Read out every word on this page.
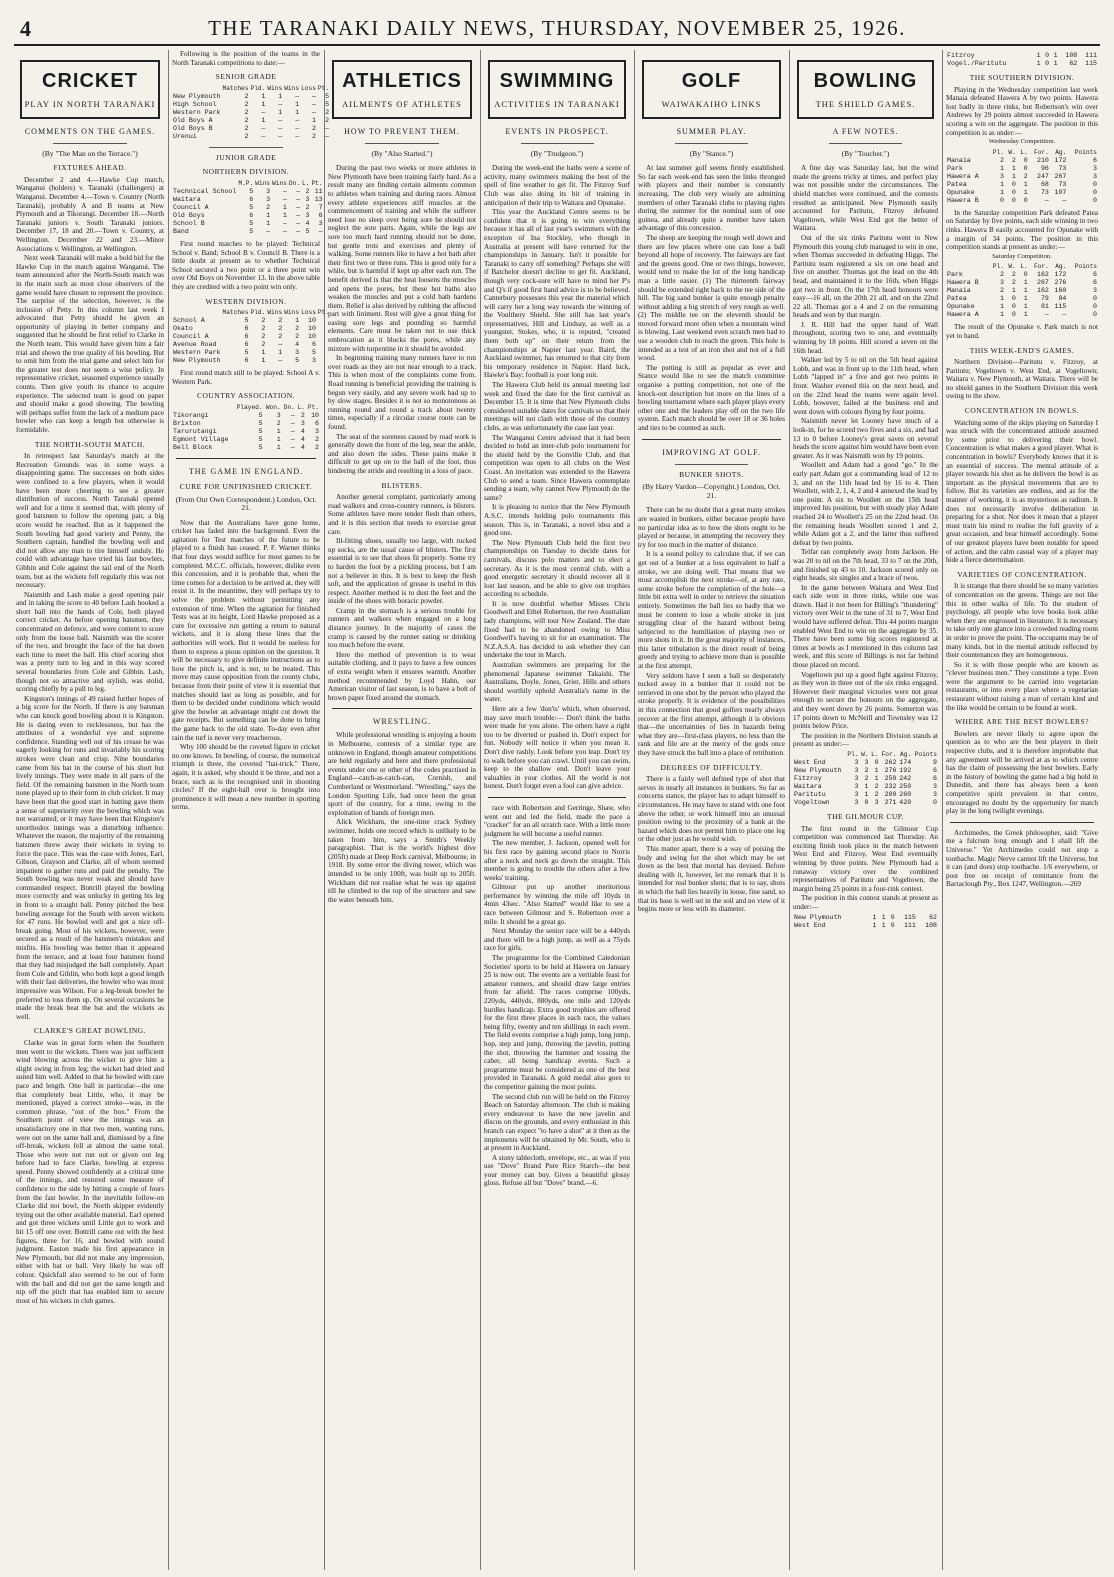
4	THE TARANAKI DAILY NEWS, THURSDAY, NOVEMBER 25, 1926.
CRICKET
PLAY IN NORTH TARANAKI
COMMENTS ON THE GAMES.
(By "The Man on the Terrace.")
FIXTURES AHEAD.

December 2 and 4.—Hawke Cup match, Wanganui (holders) v. Taranaki (challengers) at Wanganui. December 4.—Town v. Country (North Taranaki), probably A and B teams at New Plymouth and at Tikorangi. December 18.—North Taranaki juniors v. South Taranaki juniors. December 17, 18 and 20.—Town v. Country, at Wellington. December 22 and 23.—Minor Associations v. Wellington, at Wellington.

Next week Taranaki will make a bold bid for the Hawke Cup in the match against Wanganui. The team announced after the North-South match was in the main such as most close observers of the game would have chosen to represent the province. The surprise of the selection, however, is the inclusion of Petty. In this column last week I advocated that Petty should be given an opportunity of playing in better company and suggested that he should be first relief to Clarke in the North team. This would have given him a fair trial and shown the true quality of his bowling. But to omit him from the trial game and select him for the greater test does not seem a wise policy. In representative cricket, seasoned experience usually counts. Then give youth its chance to acquire experience. The selected team is good on paper and should make a good showing. The bowling will perhaps suffer from the lack of a medium pace bowler who can keep a length but otherwise is formidable.

THE NORTH-SOUTH MATCH.

In retrospect last Saturday's match at the Recreation Grounds was in some ways a disappointing game. The successes on both sides were confined to a few players, when it would have been more cheering to see a greater distribution of success. North Taranaki opened well and for a time it seemed that, with plenty of good batsmen to follow the opening pair, a big score would be reached. But as it happened the South bowling had good variety and Penny, the Southern captain, handled the bowling well and did not allow any man to tire himself unduly. He could with advantage have tried his fast bowlers, Gibbin and Cole against the tail end of the North team, but as the wickets fell regularly this was not necessary.

Naismith and Lash make a good opening pair and in taking the score to 40 before Lash hooked a short ball into the hands of Cole, both played correct cricket. As before opening batsmen, they concentrated on defence, and were content to score only from the loose ball. Naismith was the scorer of the two, and brought the face of the bat down each time to meet the ball. His chief scoring shot was a pretty turn to leg and in this way scored several boundaries from Cole and Gibbin. Lash, though not so attractive and stylish, was stolid, scoring chiefly by a pull to leg.

Kingston's innings of 49 raised further hopes of a big score for the North. If there is any batsman who can knock good bowling about it is Kingston. He is daring even to recklessness, but has the attributes of a wonderful eye and supreme confidence. Standing well out of his crease he was eagerly looking for runs and invariably his scoring strokes were clean and crisp. Nine boundaries came from his bat in the course of his short but lively innings. They were made in all parts of the field. Of the remaining batsmen in the North team none played up to their form in club cricket. It may have been that the good start in batting gave them a sense of superiority over the bowling which was not warranted; or it may have been that Kingston's unorthodox innings was a disturbing influence. Whatever the reason, the majority of the remaining batsmen threw away their wickets in trying to force the pace. This was the case with Jones, Earl, Gibson, Grayson and Clarke, all of whom seemed impatient to gather runs and paid the penalty. The South bowling was never weak and should have commanded respect. Bottrill played the bowling more correctly and was unlucky in getting his leg in front to a straight ball. Penny pitched the best bowling average for the South with seven wickets for 47 runs. He bowled well and got a nice off-break going. Most of his wickets, however, were secured as a result of the batsmen's mistakes and misfits. His bowling was better than it appeared from the terrace, and at least four batsmen found that they had misjudged the ball completely. Apart from Cole and Giblin, who both kept a good length with their fast deliveries, the bowler who was most impressive was Wilson. For a leg-break bowler he preferred to toss them up. On several occasions he made the break beat the bat and the wickets as well.

CLARKE'S GREAT BOWLING.

Clarke was in great form when the Southern men went to the wickets. There was just sufficient wind blowing across the wicket to give him a slight swing in from leg; the wicket had dried and suited him well. Added to that he bowled with rare pace and length. One ball in particular—the one that completely beat Little, who, it may be mentioned, played a correct stroke—was, in the common phrase, "out of the box." From the Southern point of view the innings was an unsatisfactory one in that two men, wanting runs, were out on the same ball and, dismissed by a fine off-break, wickets fell at almost the same total. Those who were not run out or given out leg before had to face Clarke, bowling at express speed. Penny showed confidently at a critical time of the innings, and restored some measure of confidence to the side by hitting a couple of fours from the fast bowler. In the inevitable follow-on Clarke did not bowl, the North skipper evidently trying out the other available material. Earl opened and got three wickets until Little got to work and hit 15 off one over. Bottrill came out with the best figures, three for 16, and bowled with sound judgment. Easton made his first appearance in New Plymouth, but did not make any impression, either with bat or ball. Very likely he was off colour. Quickfall also seemed to be out of form with the ball and did not get the same length and nip off the pitch that has enabled him to secure most of his wickets in club games.

Following is the position of the teams in the North Taranaki competitions to date:—

SENIOR GRADE
	Matches	Pld.	Wins	Wins	Loss	Pt.
New Plymouth	2	1	1	—	—	5
High School	2	1	—	1	—	5
Western Park	2	—	1	1	—	2
Old Boys A	2	1	—	—	1	2
Old Boys B	2	—	—	—	2	—
Urenui	2	—	—	—	2	—
JUNIOR GRADE
NORTHERN DIVISION.
	M.P.	Wins	Wins	Dn.	L.	Pt.
Technical School	5	3	—	—	2	11
Waitara	6	3	—	—	3	13
Council A	5	2	1	—	2	7
Old Boys	6	1	1	—	3	6
School B	5	1	—	—	4	3
Band	5	—	—	—	5	—

First round matches to be played: Technical School v. Band; School B v. Council B. There is a little doubt at present as to whether Technical School secured a two point or a three point win over Old Boys on November 13. In the above table they are credited with a two point win only.

WESTERN DIVISION.
	Matches	Pld.	Wins	Wins	Loss	Pt.
School A	5	2	2	1	10	
Okato	6	2	2	2	10	
Council A	6	2	2	2	10	
Avenue Road	6	2	—	4	6	
Western Park	5	1	1	3	5	
New Plymouth	6	1	—	5	3	

First round match still to be played: School A v. Western Park.

COUNTRY ASSOCIATION.
	Played.	Won.	Dn.	L.	Pt.
Tikorangi	5	3	—	2	10
Brixton	5	2	—	3	6
Tarurutangi	5	1	—	4	3
Egmont Village	5	1	—	4	2
Bell Block	5	1	—	4	2
THE GAME IN ENGLAND.
CURE FOR UNFINISHED CRICKET.
(From Our Own Correspondent.) London, Oct. 21.

Now that the Australians have gone home, cricket has faded into the background. Even the agitation for Test matches of the future to be played to a finish has ceased. P. F. Warner thinks that four days would suffice for most games to be completed. M.C.C. officials, however, dislike even this concession, and it is probable that, when the time comes for a decision to be arrived at, they will resist it. In the meantime, they will perhaps try to solve the problem without permitting any extension of time. When the agitation for finished Tests was at its height, Lord Hawke proposed as a cure for excessive run getting a return to natural wickets, and it is along these lines that the authorities will work. But it would be useless for them to express a pious opinion on the question. It will be necessary to give definite instructions as to how the pitch is, and is not, to be treated. This move may cause opposition from the county clubs, because from their point of view it is essential that matches should last as long as possible, and for them to be decided under conditions which would give the bowler an advantage might cut down the gate receipts. But something can be done to bring the game back to the old state. To-day even after rain the turf is never very treacherous.

Why 100 should be the coveted figure in cricket no one knows. In bowling, of course, the numerical triumph is three, the coveted "hat-trick." There, again, it is asked, why should it be three, and not a brace, such as is the recognised unit in shooting circles? If the eight-ball over is brought into prominence it will mean a new number in sporting terms.

ATHLETICS
AILMENTS OF ATHLETES
HOW TO PREVENT THEM.
(By "Also Started.")

During the past two weeks or more athletes in New Plymouth have been training fairly hard. As a result many are finding certain ailments common to athletes when training and during races. Almost every athlete experiences stiff muscles at the commencement of training and while the sufferer need lose no sleep over being sore he should not neglect the sore parts. Again, while the legs are sore too much hard running should not be done, but gentle trots and exercises and plenty of walking. Some runners like to have a hot bath after their first two or three runs. This is good only for a while, but is harmful if kept up after each run. The benefit derived is that the heat loosens the muscles and opens the pores, but these hot baths also weaken the muscles and put a cold bath hardens them. Relief is also derived by rubbing the affected part with liniment. Rest will give a great thing for easing sore legs and pounding so harmful elements. Care must be taken not to use thick embrocation as it blocks the pores, while any mixture with turpentine in it should be avoided.

In beginning training many runners have to run over roads as they are not near enough to a track. This is when most of the complaints come from. Road running is beneficial providing the training is begun very easily, and any severe work bad up to by slow stages. Besides it is not so monotonous as running round and round a track about twenty times, especially if a circular course route can be found.

The seat of the soreness caused by road work is generally down the front of the leg, near the ankle, and also down the sides. These pains make it difficult to get up on to the ball of the foot, thus hindering the stride and resulting in a loss of pace.

BLISTERS.

Another general complaint, particularly among road walkers and cross-country runners, is blisters. Some athletes have more tender flesh than others, and it is this section that needs to exercise great care.

Ill-fitting shoes, usually too large, with rucked up socks, are the usual cause of blisters. The first essential is to see that shoes fit properly. Some try to harden the foot by a pickling process, but I am not a believer in this. It is best to keep the flesh soft, and the application of grease is useful in this respect. Another method is to dust the feet and the inside of the shoes with boracic powder.

Cramp in the stomach is a serious trouble for runners and walkers when engaged on a long distance journey. In the majority of cases the cramp is caused by the runner eating or drinking too much before the event.

Here the method of prevention is to wear suitable clothing, and it pays to have a few ounces of extra weight when it ensures warmth. Another method recommended by Loyd Hahn, our American visitor of last season, is to have a bolt of brown paper fixed around the stomach.

WRESTLING.

While professional wrestling is enjoying a boom in Melbourne, contests of a similar type are unknown in England, though amateur competitions are held regularly and here and there professional events under one or other of the codes practised in England—catch-as-catch-can, Cornish, and Cumberland or Westmorland. "Wrestling," says the London Sporting Life, had once been the great sport of the country, for a time, owing to the exploitation of hands of foreign men.

Alick Wickham, the one-time crack Sydney swimmer, holds one record which is unlikely to be taken from him, says a Smith's Weekly paragraphist. That is the world's highest dive (205ft) made at Deep Rock carnival, Melbourne, in 1918. By some error the diving tower, which was intended to be only 100ft, was built up to 205ft. Wickham did not realise what he was up against till he climbed to the top of the structure and saw the water beneath him.

SWIMMING
ACTIVITIES IN TARANAKI
EVENTS IN PROSPECT.
(By "Trudgeon.")

During the week-end the baths were a scene of activity, many swimmers making the best of the spell of fine weather to get fit. The Fitzroy Surf Club was also doing its bit of training in anticipation of their trip to Waitara and Opunake.

This year the Auckland Centre seems to be confident that it is going to win everything because it has all of last year's swimmers with the exception of Ina Stockley, who though in Australia at present will have returned for the championships in January. Isn't it possible for Taranaki to carry off something? Perhaps she will if Batchelor doesn't decline to get fit. Auckland, though very cock-sure will have to mind her P's and Q's if good first hand advice is to be believed. Canterbury possesses this year the material which will carry her a long way towards the winning of the Voulthery Shield. She still has last year's representatives, Hill and Lindsay, as well as a youngster, Stokes, who, it is reputed, "created them both up" on their return from the championships at Napier last year. Baird, the Auckland swimmer, has returned to that city from his temporary residence in Napier. Hard luck, Hawke's Bay; football is your long suit.

The Hawera Club held its annual meeting last week and fixed the date for the first carnival as December 15. It is time that New Plymouth clubs considered suitable dates for carnivals so that their meetings will not clash with those of the country clubs, as was unfortunately the case last year.

The Wanganui Centre advised that it had been decided to hold an inter-club polo tournament for the shield held by the Gonville Club, and that competition was open to all clubs on the West Coast. An invitation was extended to the Hawera Club to send a team. Since Hawera contemplate sending a team, why cannot New Plymouth do the same?

It is pleasing to notice that the New Plymouth A.S.C. intends holding polo tournaments this season. This is, in Taranaki, a novel idea and a good one.

The New Plymouth Club held the first two championships on Tuesday to decide dates for carnivals, discuss polo matters and to elect a secretary. As it is the most central club, with a good energetic secretary it should recover all it lost last season, and be able to give out trophies according to schedule.

It is now doubtful whether Misses Chris Goodwell and Ethel Robertson, the two Australian lady champions, will tour New Zealand. The date fixed had to be abandoned owing to Miss Goodwell's having to sit for an examination. The N.Z.A.S.A. has decided to ask whether they can undertake the tour in March.

Australian swimmers are preparing for the phenomenal Japanese swimmer Takaishi. The Australians, Doyle, Jones, Grier, Hills and others should worthily uphold Australia's name in the water.

Here are a few 'don'ts' which, when observed, may save much trouble:— Don't think the baths were made for you alone. The others have a right too to be diverted or pushed in. Don't expect for fun. Nobody will notice it when you mean it. Don't dive rashly. Look before you leap. Don't try to walk before you can crawl. Until you can swim, keep to the shallow end. Don't leave your valuables in your clothes. All the world is not honest. Don't forget even a fool can give advice.

race with Robertson and Gerringe, Shaw, who went out and led the field, made the pace a "cracker" for an all scratch race. With a little more judgment he will become a useful runner.

The new member, J. Jackson, opened well for his first race by gaining second place to Norris after a neck and neck go down the straight. This member is going to trouble the others after a few weeks' training.

Gilmour put up another meritorious performance by winning the mile off 10yds in 4min 43sec. "Also Started" would like to see a race between Gilmour and S. Robertson over a mile. It should be a great go.

Next Monday the senior race will be a 440yds and there will be a high jump, as well as a 75yds race for girls.

The programme for the Combined Caledonian Societies' sports to be held at Hawera on January 25 is now out. The events are a veritable feast for amateur runners, and should draw large entries from far afield. The races comprise 100yds, 220yds, 440yds, 880yds, one mile and 120yds hurdles handicap. Extra good trophies are offered for the first three places in each race, the values being fifty, twenty and ten shillings in each event. The field events comprise a high jump, long jump, hop, step and jump, throwing the javelin, putting the shot, throwing the hammer and tossing the caber, all being handicap events. Such a programme must be considered as one of the best provided in Taranaki. A gold medal also goes to the competitor gaining the most points.

The second club run will be held on the Fitzroy Beach on Saturday afternoon. The club is making every endeavour to have the new javelin and discus on the grounds, and every enthusiast in this branch can expect "to have a shot" at it then as the implements will be obtained by Mr. South, who is at present in Auckland.

A stony tablecloth, envelope, etc., as was if you use "Dove" Brand Pure Rice Starch—the best your money can buy. Gives a beautiful glossy gloss. Refuse all but "Dove" brand.—6.

GOLF
WAIWAKAIHO LINKS
SUMMER PLAY.
(By "Stance.")

At last summer golf seems firmly established. So far each week-end has seen the links thronged with players and their number is constantly increasing. The club very wisely are admitting members of other Taranaki clubs to playing rights during the summer for the nominal sum of one guinea, and already quite a number have taken advantage of this concession.

The sheep are keeping the rough well down and there are few places where one can lose a ball beyond all hope of recovery. The fairways are fast and the greens good. One or two things, however, would tend to make the lot of the long handicap man a little easier. (1) The thirteenth fairway should be extended right back to the tee side of the hill. The big sand bunker is quite enough penalty without adding a big stretch of very rough as well. (2) The middle tee on the eleventh should be moved forward more often when a mountain wind is blowing. Last weekend even scratch men had to use a wooden club to reach the green. This hole is intended as a test of an iron shot and not of a full wood.

The putting is still as popular as ever and Stance would like to see the match committee organise a putting competition, not one of the knock-out description but more on the lines of a bowling tournament where each player plays every other one and the leaders play off on the two life system. Each match should be over 18 or 36 holes and ties to be counted as such.

IMPROVING AT GOLF.
BUNKER SHOTS.
(By Harry Vardon—Copyright.) London, Oct. 21.

There can be no doubt that a great many strokes are wasted in bunkers, either because people have no particular idea as to how the shots ought to be played or because, in attempting the recovery they try for too much in the matter of distance.

It is a sound policy to calculate that, if we can get out of a bunker at a loss equivalent to half a stroke, we are doing well. That means that we must accomplish the next stroke—of, at any rate, some stroke before the completion of the hole—a little bit extra well in order to retrieve the situation entirely. Sometimes the ball lies so badly that we must be content to lose a whole stroke in just struggling clear of the hazard without being subjected to the humiliation of playing two or more shots in it. In the great majority of instances, this latter tribulation is the direct result of being greedy and trying to achieve more than is possible at the first attempt.

Very seldom have I seen a ball so desperately tucked away in a bunker that it could not be retrieved in one shot by the person who played the stroke properly. It is evidence of the possibilities in this connection that good golfers nearly always recover at the first attempt, although it is obvious that—the uncertainties of lies in hazards being what they are—first-class players, no less than the rank and file are at the mercy of the gods once they have struck the ball into a place of retribution.

DEGREES OF DIFFICULTY.

There is a fairly well defined type of shot that serves in nearly all instances in bunkers. So far as concerns stance, the player has to adapt himself to circumstances. He may have to stand with one foot above the other, or work himself into an unusual position owing to the proximity of a bank at the hazard which does not permit him to place one leg or the other just as he would wish.

This matter apart, there is a way of poising the body and swing for the shot which may be set down as the best that mortal has devised. Before dealing with it, however, let me remark that it is intended for real bunker shots; that is to say, shots in which the ball lies heavily in loose, fine sand, so that its base is well set in the soil and no view of it begins more or less with its diameter.

BOWLING
THE SHIELD GAMES.
A FEW NOTES.
(By "Toucher.")

A fine day was Saturday last, but the wind made the greens tricky at times, and perfect play was not possible under the circumstances. The shield matches were continued, and the contests resulted as anticipated. New Plymouth easily accounted for Paritutu, Fitzroy defeated Vogeltown, while West End got the better of Waitara.

Out of the six rinks Paritutu went to New Plymouth this young club managed to win in one, when Thomas succeeded in defeating Higgs. The Paritutu team registered a six on one head and five on another. Thomas got the lead on the 4th head, and maintained it to the 16th, when Higgs got two in front. On the 17th head honours were easy—16 all, on the 20th 21 all, and on the 22nd 22 all. Thomas got a 4 and 2 on the remaining heads and won by that margin.

J. R. Hill had the upper hand of Wall throughout, scoring two to one, and eventually winning by 18 points. Hill scored a seven on the 16th head.

Walker led by 5 to nil on the 5th head against Lobb, and was in front up to the 11th head, when Lobb "lapped in" a five and got two points in front. Washer evened this on the next head, and on the 22nd head the teams were again level. Lobb, however, failed at the business end and went down with colours flying by four points.

Naismith never let Looney have much of a look-in, for he scored two fives and a six, and had 13 to 0 before Looney's great saves on several heads the score against him would have been even greater. As it was Naismith won by 19 points.

Woollett and Adam had a good "go." In the early part Adam got a commanding lead of 12 to 3, and on the 11th head led by 16 to 4. Then Woollett, with 2, 1, 4, 2 and 4 annexed the lead by one point. A six to Woollett on the 15th head improved his position, but with steady play Adam reached 24 to Woollett's 25 on the 22nd head. On the remaining heads Woollett scored 1 and 2, while Adam got a 2, and the latter thus suffered defeat by two points.

Telfar ran completely away from Jackson. He was 20 to nil on the 7th head, 33 to 7 on the 20th, and finished up 43 to 10. Jackson scored only on eight heads, six singles and a brace of twos.

In the game between Waitara and West End each side won in three rinks, while one was drawn. Had it not been for Billing's "thundering" victory over Weir to the tune of 31 to 7, West End would have suffered defeat. This 44 points margin enabled West End to win on the aggregate by 35. There have been some big scores registered at times at bowls as I mentioned in this column last week, and this score of Billings is not far behind those placed on record.

Vogeltown put up a good fight against Fitzroy, as they won in three out of the six rinks engaged. However their marginal victories were not great enough to secure the honours on the aggregate, and they went down by 26 points. Somerton was 17 points down to McNeill and Townsley was 12 points below Price.

The position in the Northern Division stands at present as under:—

	Pl.	W.	L.	For.	Ag.	Points
West End	3	3	0	262	174	9
New Plymouth	3	2	1	276	192	6
Fitzroy	3	2	1	250	242	6
Waitara	3	1	2	232	250	3
Paritutu	3	1	2	200	260	3
Vogeltown	3	0	3	271	420	0
THE GILMOUR CUP.

The first round in the Gilmour Cup competition was commenced last Thursday. An exciting finish took place in the match between West End and Fitzroy, West End eventually winning by three points. New Plymouth had a runaway victory over the combined representatives of Paritutu and Vogeltown, the margin being 25 points in a four-rink contest.

The position in this contest stands at present as under:—

New Plymouth	1	1	0	115	62
West End	1	1	0	111	108
Fitzroy	1	0	1	108	111
Vogel./Paritutu	1	0	1	62	115
THE SOUTHERN DIVISION.

Playing in the Wednesday competition last week Manaia defeated Hawera A by two points. Hawera lost badly in three rinks, but Robertson's win over Andrews by 29 points almost succeeded in Hawera scoring a win on the aggregate. The position in this competition is as under:—

Wednesday Competition.
	Pl.	W.	L.	For.	Ag.	Points
Manaia	2	2	0	210	172	6
Park	1	1	0	96	73	3
Hawera A	3	1	2	247	267	3
Patea	1	0	1	68	73	0
Opunake	1	0	1	73	107	0
Hawera B	0	0	0	—	—	0

In the Saturday competition Park defeated Patea on Saturday by five points, each side winning in two rinks. Hawera B easily accounted for Opunake with a margin of 34 points. The position in this competition stands at present as under:—

Saturday Competition.
	Pl.	W.	L.	For.	Ag.	Points
Park	2	2	0	162	172	6
Hawera B	3	2	1	267	276	6
Manaia	2	1	1	162	160	3
Patea	1	0	1	79	84	0
Opunake	1	0	1	81	115	0
Hawera A	1	0	1	—	—	0

The result of the Opunake v. Park match is not yet to hand.

THIS WEEK-END'S GAMES.

Northern Division—Paritutu v. Fitzroy, at Paritutu; Vogeltown v. West End, at Vogeltown; Waitara v. New Plymouth, at Waitara. There will be no shield games in the Southern Division this week owing to the show.

CONCENTRATION IN BOWLS.

Watching some of the skips playing on Saturday I was struck with the concentrated attitude assumed by some prior to delivering their bowl. Concentration is what makes a good player. What is concentration in bowls? Everybody knows that it is an essential of success. The mental attitude of a player towards his shot as he delivers the bowl is as important as the physical movements that are to follow. But its varieties are endless, and as for the manner of working, it is as mysterious as radium. It does not necessarily involve deliberation in preparing for a shot. Nor does it mean that a player must train his mind to realise the full gravity of a great occasion, and bear himself accordingly. Some of our greatest players have been notable for speed of action, and the calm casual way of a player may hide a fierce determination.

VARIETIES OF CONCENTRATION.

It is strange that there should be so many varieties of concentration on the greens. Things are not like this in other walks of life. To the student of psychology, all people who love books look alike when they are engrossed in literature. It is necessary to take only one glance into a crowded reading room in order to prove the point. The occupants may be of many kinds, but in the mental attitude reflected by their countenances they are homogeneous.

So it is with those people who are known as "clever business men." They constitute a type. Even were the argument to be carried into vegetarian restaurants, or into every place where a vegetarian restaurant without raising a man of certain kind and the like would be certain to be found at work.

WHERE ARE THE BEST BOWLERS?

Bowlers are never likely to agree upon the question as to who are the best players in their respective clubs, and it is therefore improbable that any agreement will be arrived at as to which centre has the claim of possessing the best bowlers. Early in the history of bowling the game had a big hold in Dunedin, and there has always been a keen competitive spirit prevalent in that centre, encouraged no doubt by the opportunity for match play in the long twilight evenings.

Archimedes, the Greek philosopher, said: "Give me a fulcrum long enough and I shall lift the Universe." Yet Archimedes could not stop a toothache. Magic Nerve cannot lift the Universe, but it can (and does) stop toothache. 1/6 everywhere, or post free on receipt of remittance from the Barraclough Pty., Box 1247, Wellington.—269
